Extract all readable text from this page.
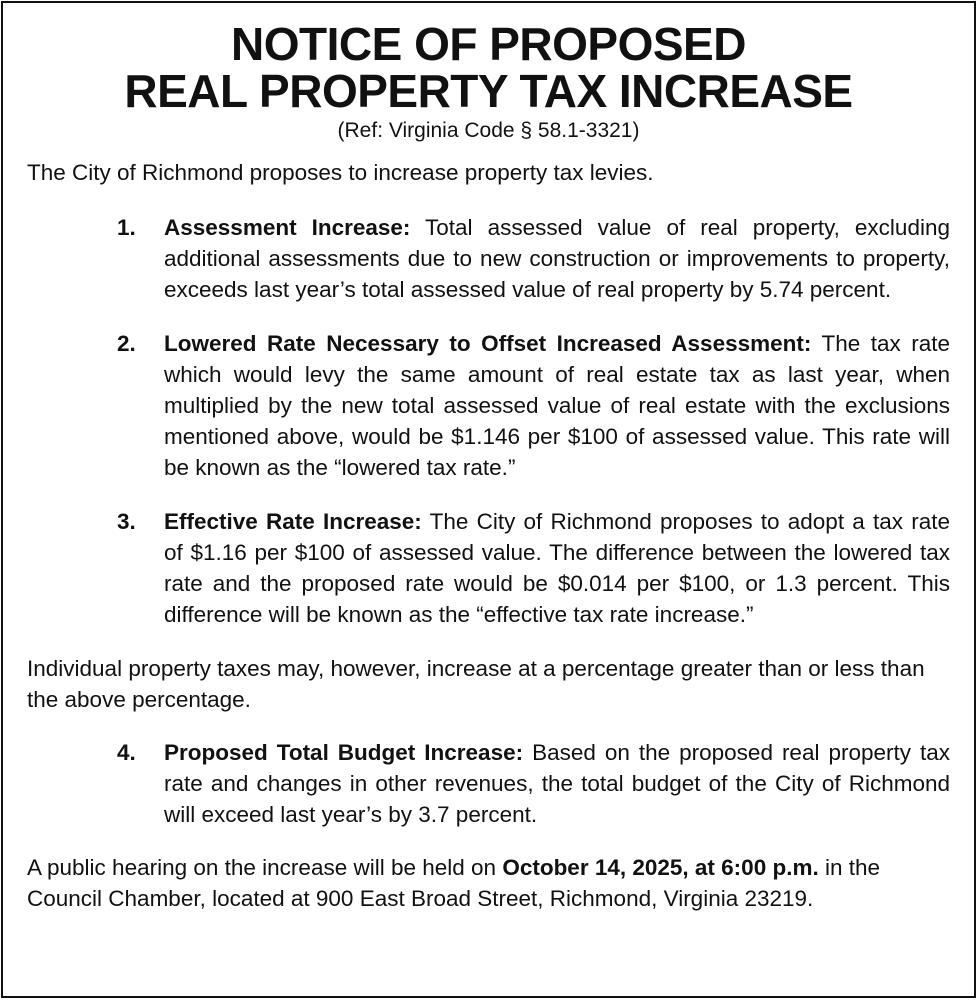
NOTICE OF PROPOSED
REAL PROPERTY TAX INCREASE
(Ref: Virginia Code § 58.1-3321)

The City of Richmond proposes to increase property tax levies.

1. Assessment Increase: Total assessed value of real property, excluding additional assessments due to new construction or improvements to property, exceeds last year’s total assessed value of real property by 5.74 percent.
2. Lowered Rate Necessary to Offset Increased Assessment: The tax rate which would levy the same amount of real estate tax as last year, when multiplied by the new total assessed value of real estate with the exclusions mentioned above, would be $1.146 per $100 of assessed value. This rate will be known as the “lowered tax rate.”
3. Effective Rate Increase: The City of Richmond proposes to adopt a tax rate of $1.16 per $100 of assessed value. The difference between the lowered tax rate and the proposed rate would be $0.014 per $100, or 1.3 percent. This difference will be known as the “effective tax rate increase.”

Individual property taxes may, however, increase at a percentage greater than or less than the above percentage.

4. Proposed Total Budget Increase: Based on the proposed real property tax rate and changes in other revenues, the total budget of the City of Richmond will exceed last year’s by 3.7 percent.

A public hearing on the increase will be held on October 14, 2025, at 6:00 p.m. in the Council Chamber, located at 900 East Broad Street, Richmond, Virginia 23219.
